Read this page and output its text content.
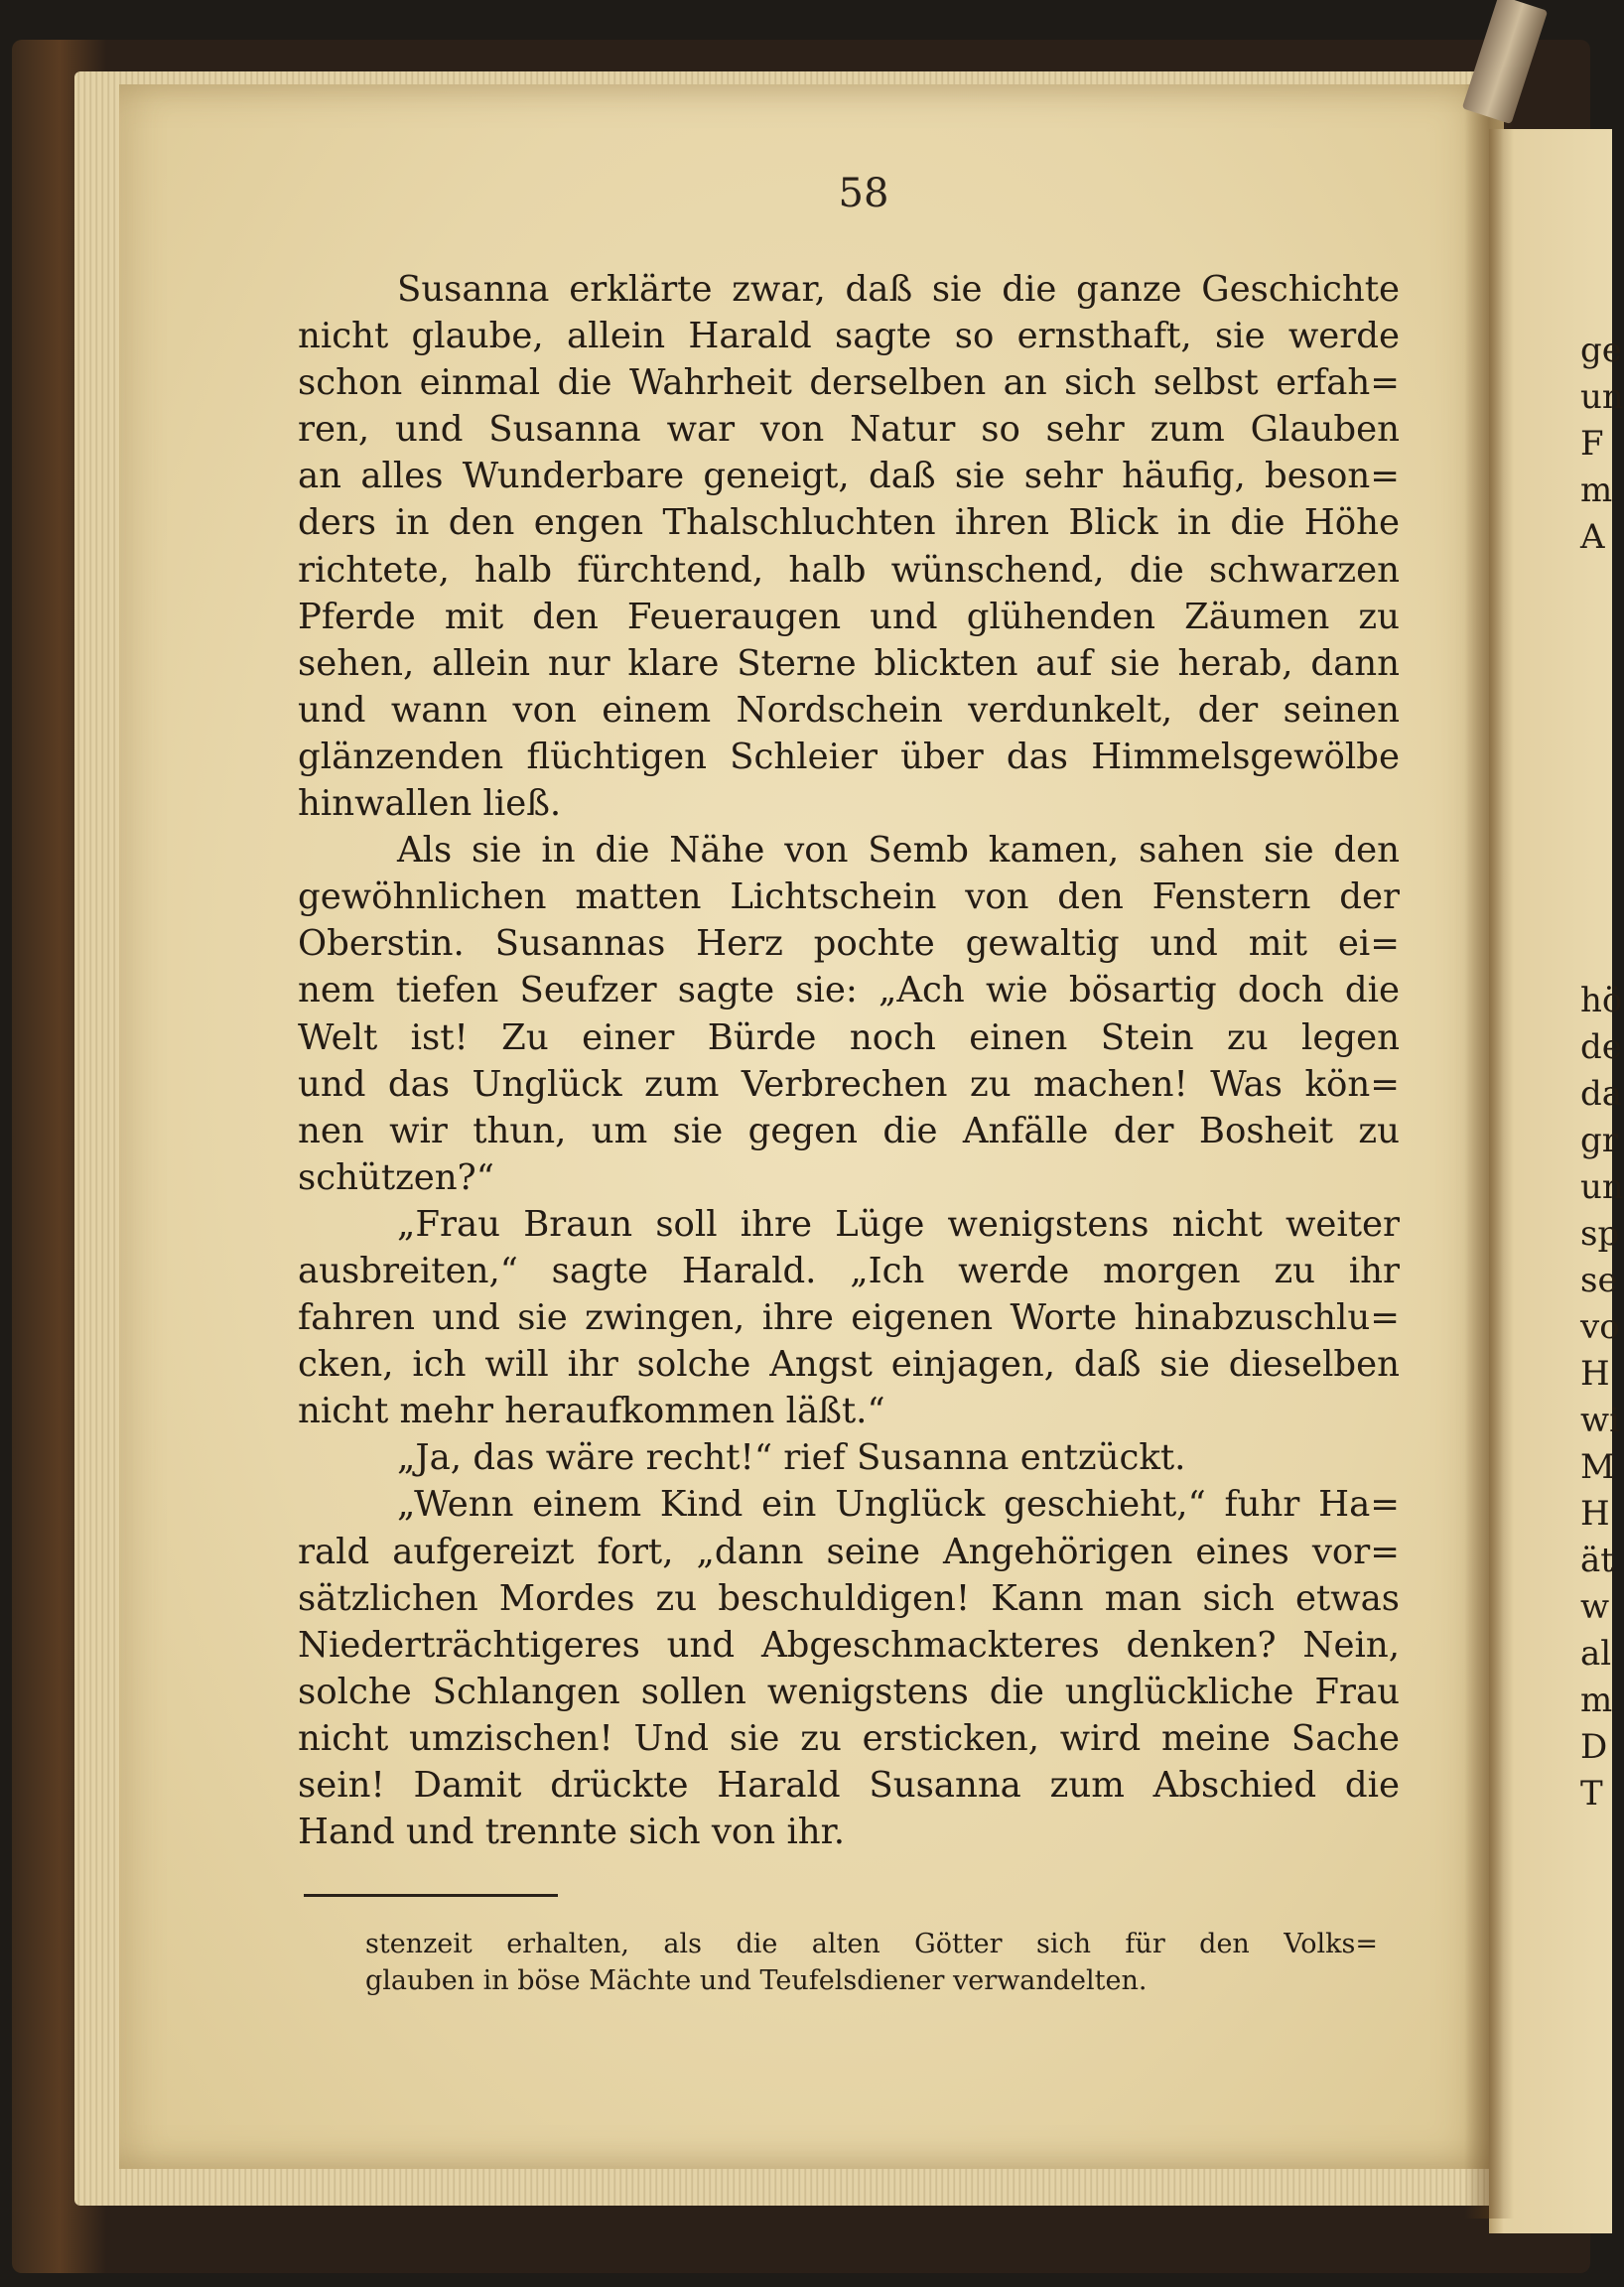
58
Susanna erklärte zwar, daß sie die ganze Geschichte
nicht glaube, allein Harald sagte so ernsthaft, sie werde
schon einmal die Wahrheit derselben an sich selbst erfah=
ren, und Susanna war von Natur so sehr zum Glauben
an alles Wunderbare geneigt, daß sie sehr häufig, beson=
ders in den engen Thalschluchten ihren Blick in die Höhe
richtete, halb fürchtend, halb wünschend, die schwarzen
Pferde mit den Feueraugen und glühenden Zäumen zu
sehen, allein nur klare Sterne blickten auf sie herab, dann
und wann von einem Nordschein verdunkelt, der seinen
glänzenden flüchtigen Schleier über das Himmelsgewölbe
hinwallen ließ.
Als sie in die Nähe von Semb kamen, sahen sie den
gewöhnlichen matten Lichtschein von den Fenstern der
Oberstin. Susannas Herz pochte gewaltig und mit ei=
nem tiefen Seufzer sagte sie: „Ach wie bösartig doch die
Welt ist! Zu einer Bürde noch einen Stein zu legen
und das Unglück zum Verbrechen zu machen! Was kön=
nen wir thun, um sie gegen die Anfälle der Bosheit zu
schützen?“
„Frau Braun soll ihre Lüge wenigstens nicht weiter
ausbreiten,“ sagte Harald. „Ich werde morgen zu ihr
fahren und sie zwingen, ihre eigenen Worte hinabzuschlu=
cken, ich will ihr solche Angst einjagen, daß sie dieselben
nicht mehr heraufkommen läßt.“
„Ja, das wäre recht!“ rief Susanna entzückt.
„Wenn einem Kind ein Unglück geschieht,“ fuhr Ha=
rald aufgereizt fort, „dann seine Angehörigen eines vor=
sätzlichen Mordes zu beschuldigen! Kann man sich etwas
Niederträchtigeres und Abgeschmackteres denken? Nein,
solche Schlangen sollen wenigstens die unglückliche Frau
nicht umzischen! Und sie zu ersticken, wird meine Sache
sein! Damit drückte Harald Susanna zum Abschied die
Hand und trennte sich von ihr.
stenzeit erhalten, als die alten Götter sich für den Volks=
glauben in böse Mächte und Teufelsdiener verwandelten.
ge
un
F
m
A
hö
de
da
gr
un
sp
se
vo
H
wi
M
H
ät
w
al
m
D
T
